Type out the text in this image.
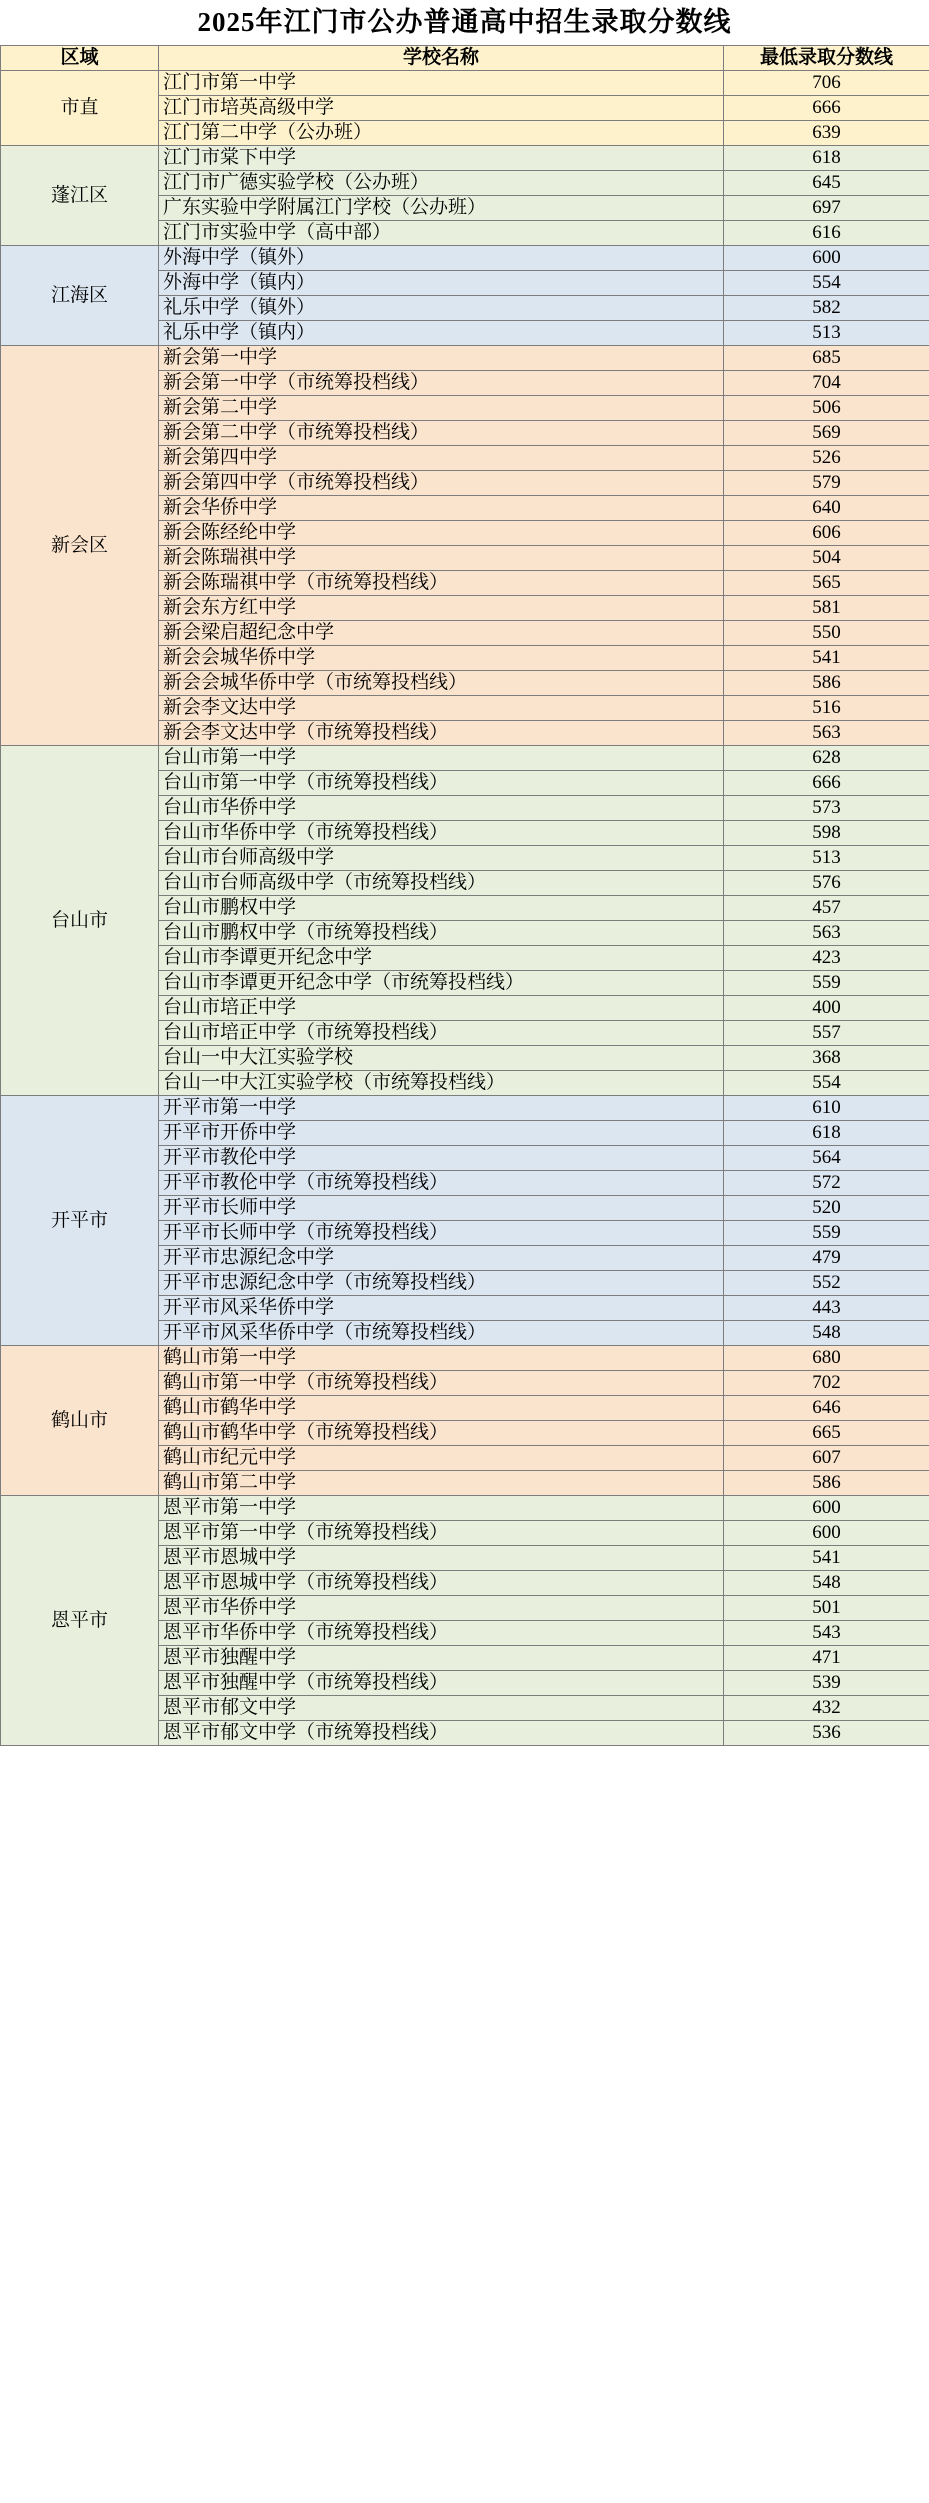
2025年江门市公办普通高中招生录取分数线
区域	学校名称	最低录取分数线
市直	江门市第一中学	706
	江门市培英高级中学	666
	江门第二中学（公办班）	639
蓬江区	江门市棠下中学	618
	江门市广德实验学校（公办班）	645
	广东实验中学附属江门学校（公办班）	697
	江门市实验中学（高中部）	616
江海区	外海中学（镇外）	600
	外海中学（镇内）	554
	礼乐中学（镇外）	582
	礼乐中学（镇内）	513
新会区	新会第一中学	685
	新会第一中学（市统筹投档线）	704
	新会第二中学	506
	新会第二中学（市统筹投档线）	569
	新会第四中学	526
	新会第四中学（市统筹投档线）	579
	新会华侨中学	640
	新会陈经纶中学	606
	新会陈瑞祺中学	504
	新会陈瑞祺中学（市统筹投档线）	565
	新会东方红中学	581
	新会梁启超纪念中学	550
	新会会城华侨中学	541
	新会会城华侨中学（市统筹投档线）	586
	新会李文达中学	516
	新会李文达中学（市统筹投档线）	563
台山市	台山市第一中学	628
	台山市第一中学（市统筹投档线）	666
	台山市华侨中学	573
	台山市华侨中学（市统筹投档线）	598
	台山市台师高级中学	513
	台山市台师高级中学（市统筹投档线）	576
	台山市鹏权中学	457
	台山市鹏权中学（市统筹投档线）	563
	台山市李谭更开纪念中学	423
	台山市李谭更开纪念中学（市统筹投档线）	559
	台山市培正中学	400
	台山市培正中学（市统筹投档线）	557
	台山一中大江实验学校	368
	台山一中大江实验学校（市统筹投档线）	554
开平市	开平市第一中学	610
	开平市开侨中学	618
	开平市教伦中学	564
	开平市教伦中学（市统筹投档线）	572
	开平市长师中学	520
	开平市长师中学（市统筹投档线）	559
	开平市忠源纪念中学	479
	开平市忠源纪念中学（市统筹投档线）	552
	开平市风采华侨中学	443
	开平市风采华侨中学（市统筹投档线）	548
鹤山市	鹤山市第一中学	680
	鹤山市第一中学（市统筹投档线）	702
	鹤山市鹤华中学	646
	鹤山市鹤华中学（市统筹投档线）	665
	鹤山市纪元中学	607
	鹤山市第二中学	586
恩平市	恩平市第一中学	600
	恩平市第一中学（市统筹投档线）	600
	恩平市恩城中学	541
	恩平市恩城中学（市统筹投档线）	548
	恩平市华侨中学	501
	恩平市华侨中学（市统筹投档线）	543
	恩平市独醒中学	471
	恩平市独醒中学（市统筹投档线）	539
	恩平市郁文中学	432
	恩平市郁文中学（市统筹投档线）	536
